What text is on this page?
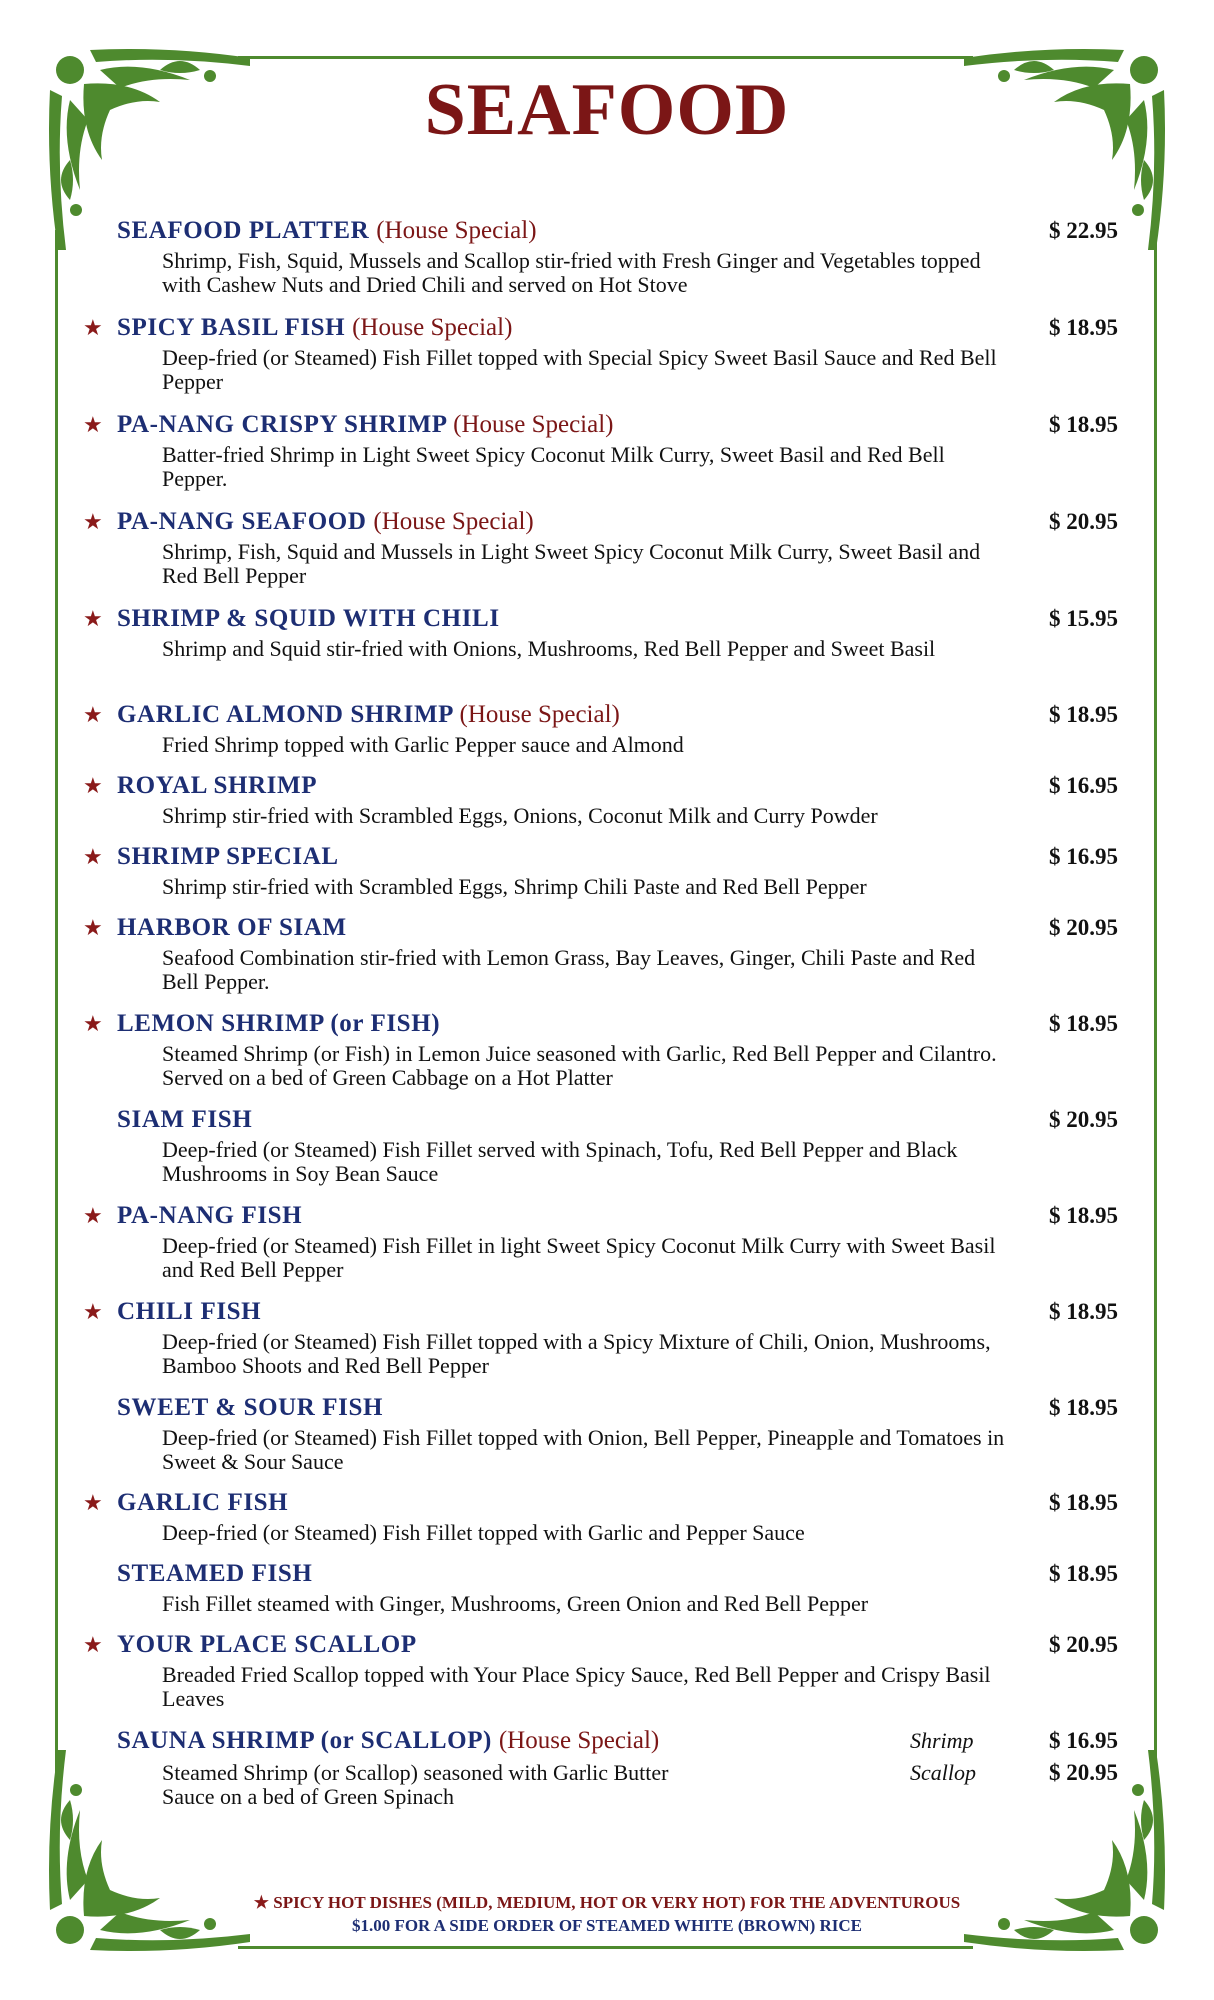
SEAFOOD
SEAFOOD PLATTER (House Special)	$ 22.95
Shrimp, Fish, Squid, Mussels and Scallop stir-fried with Fresh Ginger and Vegetables topped with Cashew Nuts and Dried Chili and served on Hot Stove
★ SPICY BASIL FISH (House Special)	$ 18.95
Deep-fried (or Steamed) Fish Fillet topped with Special Spicy Sweet Basil Sauce and Red Bell Pepper
★ PA-NANG CRISPY SHRIMP (House Special)	$ 18.95
Batter-fried Shrimp in Light Sweet Spicy Coconut Milk Curry, Sweet Basil and Red Bell Pepper.
★ PA-NANG SEAFOOD (House Special)	$ 20.95
Shrimp, Fish, Squid and Mussels in Light Sweet Spicy Coconut Milk Curry, Sweet Basil and Red Bell Pepper
★ SHRIMP & SQUID WITH CHILI	$ 15.95
Shrimp and Squid stir-fried with Onions, Mushrooms, Red Bell Pepper and Sweet Basil
★ GARLIC ALMOND SHRIMP (House Special)	$ 18.95
Fried Shrimp topped with Garlic Pepper sauce and Almond
★ ROYAL SHRIMP	$ 16.95
Shrimp stir-fried with Scrambled Eggs, Onions, Coconut Milk and Curry Powder
★ SHRIMP SPECIAL	$ 16.95
Shrimp stir-fried with Scrambled Eggs, Shrimp Chili Paste and Red Bell Pepper
★ HARBOR OF SIAM	$ 20.95
Seafood Combination stir-fried with Lemon Grass, Bay Leaves, Ginger, Chili Paste and Red Bell Pepper.
★ LEMON SHRIMP (or FISH)	$ 18.95
Steamed Shrimp (or Fish) in Lemon Juice seasoned with Garlic, Red Bell Pepper and Cilantro. Served on a bed of Green Cabbage on a Hot Platter
SIAM FISH	$ 20.95
Deep-fried (or Steamed) Fish Fillet served with Spinach, Tofu, Red Bell Pepper and Black Mushrooms in Soy Bean Sauce
★ PA-NANG FISH	$ 18.95
Deep-fried (or Steamed) Fish Fillet in light Sweet Spicy Coconut Milk Curry with Sweet Basil and Red Bell Pepper
★ CHILI FISH	$ 18.95
Deep-fried (or Steamed) Fish Fillet topped with a Spicy Mixture of Chili, Onion, Mushrooms, Bamboo Shoots and Red Bell Pepper
SWEET & SOUR FISH	$ 18.95
Deep-fried (or Steamed) Fish Fillet topped with Onion, Bell Pepper, Pineapple and Tomatoes in Sweet & Sour Sauce
★ GARLIC FISH	$ 18.95
Deep-fried (or Steamed) Fish Fillet topped with Garlic and Pepper Sauce
STEAMED FISH	$ 18.95
Fish Fillet steamed with Ginger, Mushrooms, Green Onion and Red Bell Pepper
★ YOUR PLACE SCALLOP	$ 20.95
Breaded Fried Scallop topped with Your Place Spicy Sauce, Red Bell Pepper and Crispy Basil Leaves
SAUNA SHRIMP (or SCALLOP) (House Special)	Shrimp	$ 16.95
Scallop	$ 20.95
Steamed Shrimp (or Scallop) seasoned with Garlic Butter Sauce on a bed of Green Spinach
★ SPICY HOT DISHES (MILD, MEDIUM, HOT OR VERY HOT) FOR THE ADVENTUROUS
$1.00 FOR A SIDE ORDER OF STEAMED WHITE (BROWN) RICE
